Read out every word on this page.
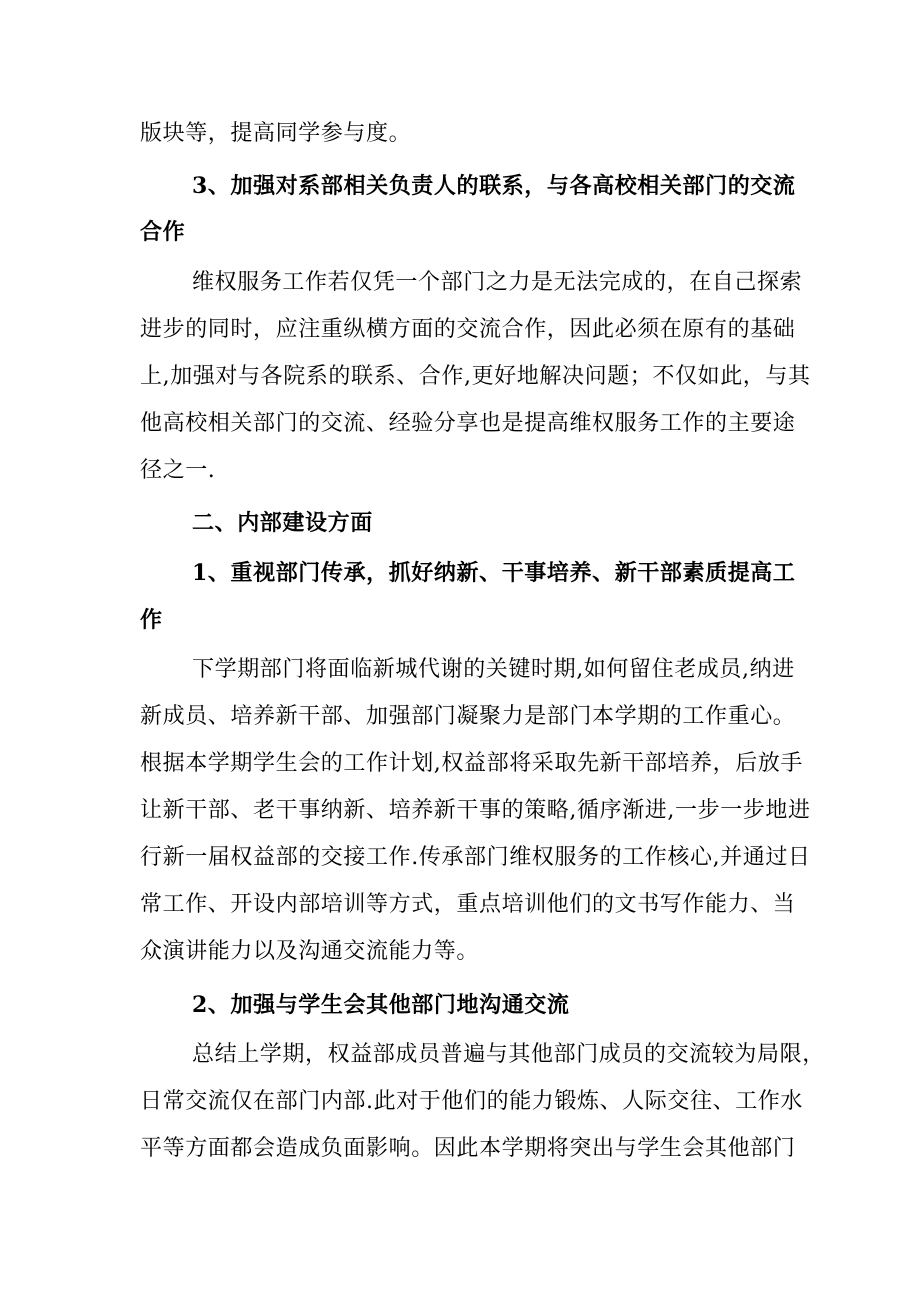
版块等，提高同学参与度。
3、加强对系部相关负责人的联系，与各高校相关部门的交流
合作
维权服务工作若仅凭一个部门之力是无法完成的，在自己探索
进步的同时，应注重纵横方面的交流合作，因此必须在原有的基础
上,加强对与各院系的联系、合作,更好地解决问题；不仅如此，与其
他高校相关部门的交流、经验分享也是提高维权服务工作的主要途
径之一.
二、内部建设方面
1、重视部门传承，抓好纳新、干事培养、新干部素质提高工
作
下学期部门将面临新城代谢的关键时期,如何留住老成员,纳进
新成员、培养新干部、加强部门凝聚力是部门本学期的工作重心。
根据本学期学生会的工作计划,权益部将采取先新干部培养，后放手
让新干部、老干事纳新、培养新干事的策略,循序渐进,一步一步地进
行新一届权益部的交接工作.传承部门维权服务的工作核心,并通过日
常工作、开设内部培训等方式，重点培训他们的文书写作能力、当
众演讲能力以及沟通交流能力等。
2、加强与学生会其他部门地沟通交流
总结上学期，权益部成员普遍与其他部门成员的交流较为局限，
日常交流仅在部门内部.此对于他们的能力锻炼、人际交往、工作水
平等方面都会造成负面影响。因此本学期将突出与学生会其他部门
